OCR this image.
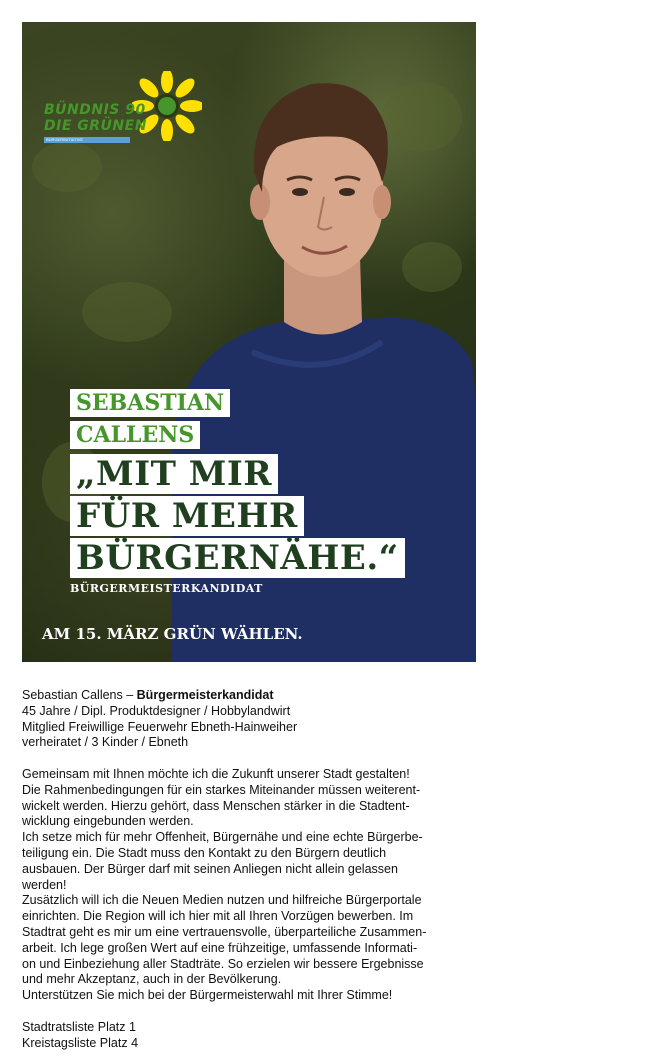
BÜNDNIS 90
DIE GRÜNEN
BÜRGERINITIATIVE
SEBASTIAN
CALLENS
„MIT MIR
FÜR MEHR
BÜRGERNÄHE.“
BÜRGERMEISTERKANDIDAT
AM 15. MÄRZ GRÜN WÄHLEN.

Sebastian Callens – Bürgermeisterkandidat

45 Jahre / Dipl. Produktdesigner / Hobbylandwirt

Mitglied Freiwillige Feuerwehr Ebneth-Hainweiher

verheiratet / 3 Kinder / Ebneth

Gemeinsam mit Ihnen möchte ich die Zukunft unserer Stadt gestalten!

Die Rahmenbedingungen für ein starkes Miteinander müssen weiterent-

wickelt werden. Hierzu gehört, dass Menschen stärker in die Stadtent-

wicklung eingebunden werden.

Ich setze mich für mehr Offenheit, Bürgernähe und eine echte Bürgerbe-

teiligung ein. Die Stadt muss den Kontakt zu den Bürgern deutlich

ausbauen. Der Bürger darf mit seinen Anliegen nicht allein gelassen

werden!

Zusätzlich will ich die Neuen Medien nutzen und hilfreiche Bürgerportale

einrichten. Die Region will ich hier mit all Ihren Vorzügen bewerben. Im

Stadtrat geht es mir um eine vertrauensvolle, überparteiliche Zusammen-

arbeit. Ich lege großen Wert auf eine frühzeitige, umfassende Informati-

on und Einbeziehung aller Stadträte. So erzielen wir bessere Ergebnisse

und mehr Akzeptanz, auch in der Bevölkerung.

Unterstützen Sie mich bei der Bürgermeisterwahl mit Ihrer Stimme!

Stadtratsliste Platz 1

Kreistagsliste Platz 4
